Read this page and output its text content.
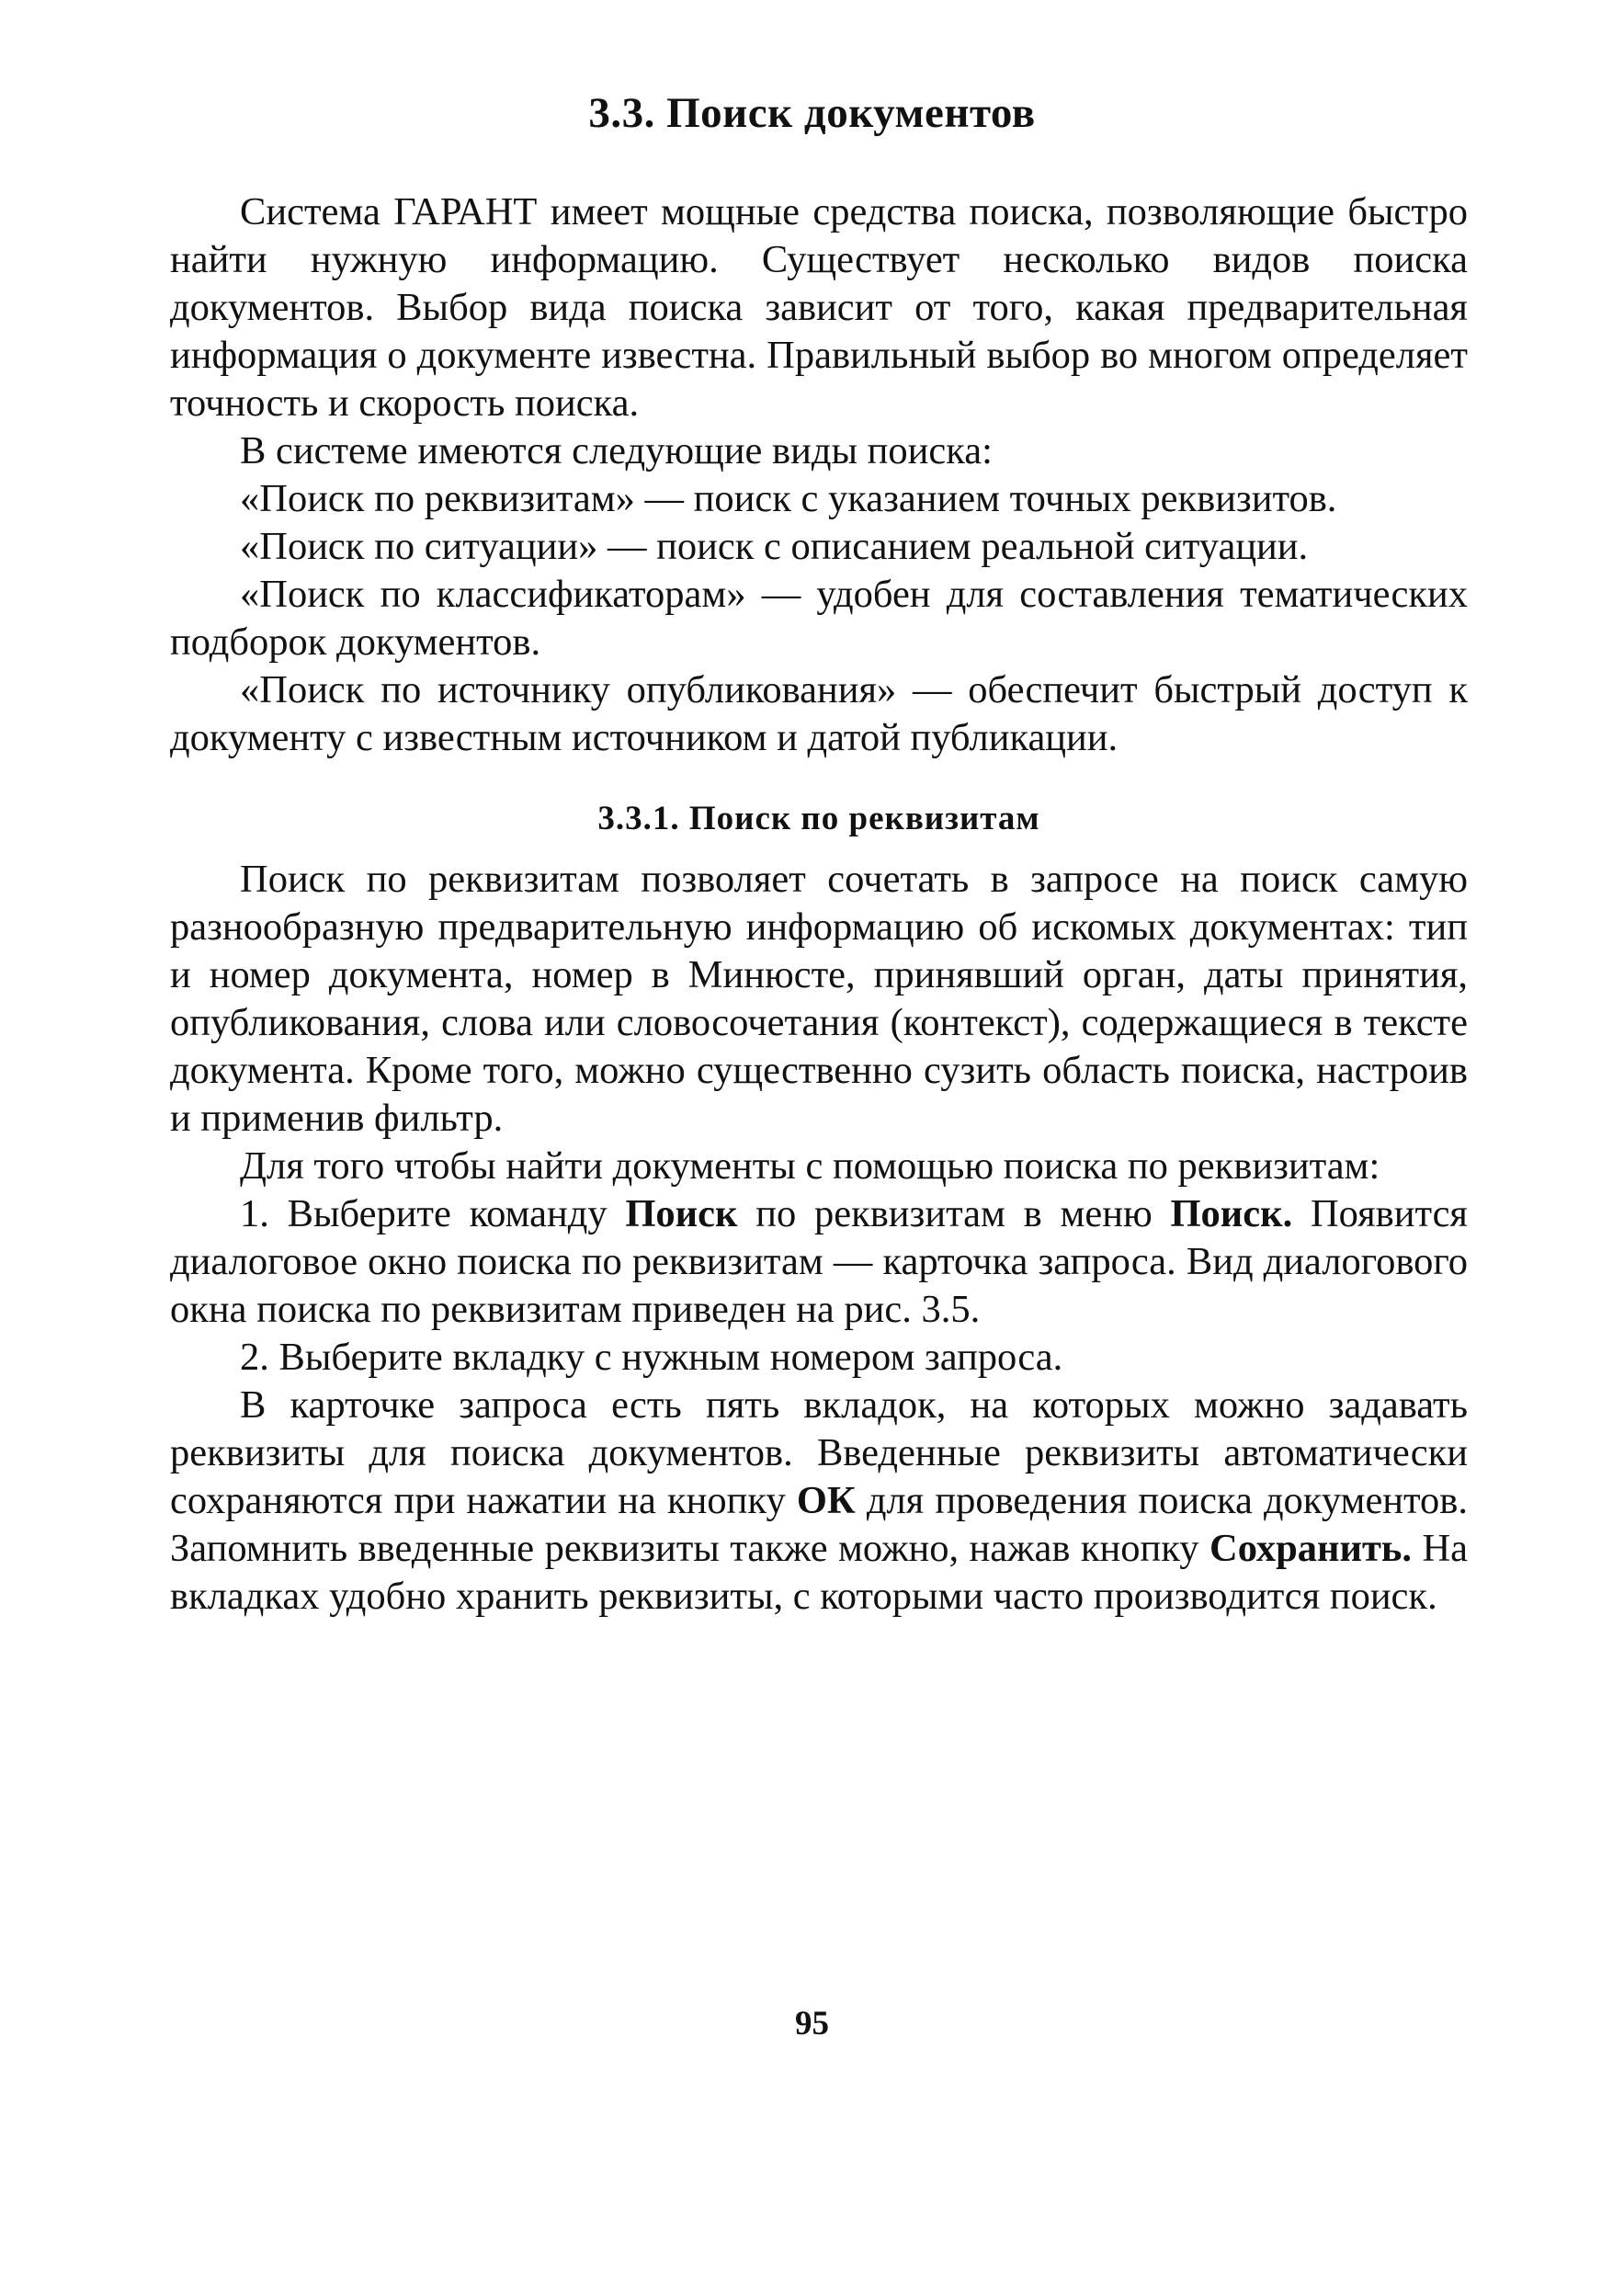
3.3. Поиск документов

Система ГАРАНТ имеет мощные средства поиска, позволяющие быстро найти нужную информацию. Существует несколько видов поиска документов. Выбор вида поиска зависит от того, какая предварительная информация о документе известна. Правильный выбор во многом определяет точность и скорость поиска.

В системе имеются следующие виды поиска:

«Поиск по реквизитам» — поиск с указанием точных реквизитов.

«Поиск по ситуации» — поиск с описанием реальной ситуации.

«Поиск по классификаторам» — удобен для составления тематических подборок документов.

«Поиск по источнику опубликования» — обеспечит быстрый доступ к документу с известным источником и датой публикации.

3.3.1. Поиск по реквизитам

Поиск по реквизитам позволяет сочетать в запросе на поиск самую разнообразную предварительную информацию об искомых документах: тип и номер документа, номер в Минюсте, принявший орган, даты принятия, опубликования, слова или словосочетания (контекст), содержащиеся в тексте документа. Кроме того, можно существенно сузить область поиска, настроив и применив фильтр.

Для того чтобы найти документы с помощью поиска по реквизитам:

1. Выберите команду Поиск по реквизитам в меню Поиск. Появится диалоговое окно поиска по реквизитам — карточка запроса. Вид диалогового окна поиска по реквизитам приведен на рис. 3.5.

2. Выберите вкладку с нужным номером запроса.

В карточке запроса есть пять вкладок, на которых можно задавать реквизиты для поиска документов. Введенные реквизиты автоматически сохраняются при нажатии на кнопку ОК для проведения поиска документов. Запомнить введенные реквизиты также можно, нажав кнопку Сохранить. На вкладках удобно хранить реквизиты, с которыми часто производится поиск.

95
